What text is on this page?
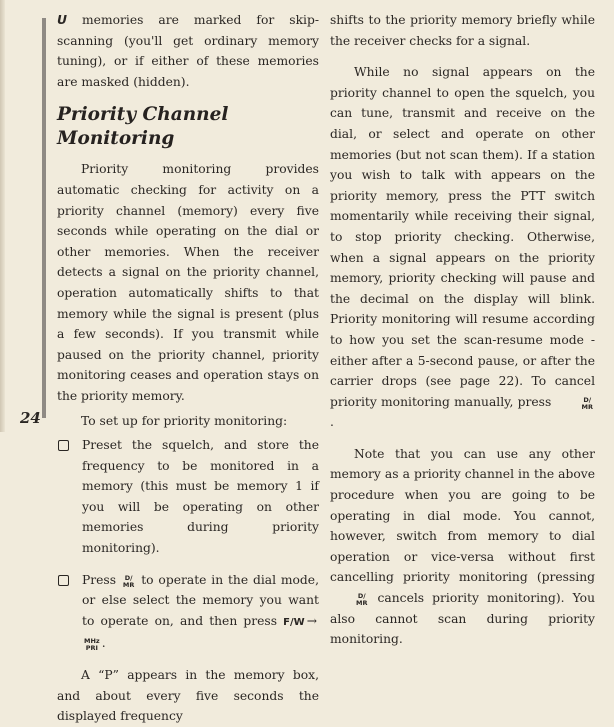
U memories are marked for skip-scanning (you'll get ordinary memory tuning), or if either of these memories are masked (hidden).

Priority Channel Monitoring

Priority monitoring provides automatic checking for activity on a priority channel (memory) every five seconds while operating on the dial or other memories. When the receiver detects a signal on the priority channel, operation automatically shifts to that memory while the signal is present (plus a few seconds). If you transmit while paused on the priority channel, priority monitoring ceases and operation stays on the priority memory.

To set up for priority monitoring:

Preset the squelch, and store the frequency to be monitored in a memory (this must be memory 1 if you will be operating on other memories during priority monitoring).
Press D/
MR to operate in the dial mode, or else select the memory you want to operate on, and then press F/W →
MHz
PRI .

A “P” appears in the memory box, and about every five seconds the displayed frequency

shifts to the priority memory briefly while the receiver checks for a signal.

While no signal appears on the priority channel to open the squelch, you can tune, transmit and receive on the dial, or select and operate on other memories (but not scan them). If a station you wish to talk with appears on the priority memory, press the PTT switch momentarily while receiving their signal, to stop priority checking. Otherwise, when a signal appears on the priority memory, priority checking will pause and the decimal on the display will blink. Priority monitoring will resume according to how you set the scan-resume mode - either after a 5-second pause, or after the carrier drops (see page 22). To cancel priority monitoring manually, press	D/
MR
.

Note that you can use any other memory as a priority channel in the above procedure when you are going to be operating in dial mode. You cannot, however, switch from memory to dial operation or vice-versa without first cancelling priority monitoring (pressing
D/
MR cancels priority monitoring). You also cannot scan during priority monitoring.

24
